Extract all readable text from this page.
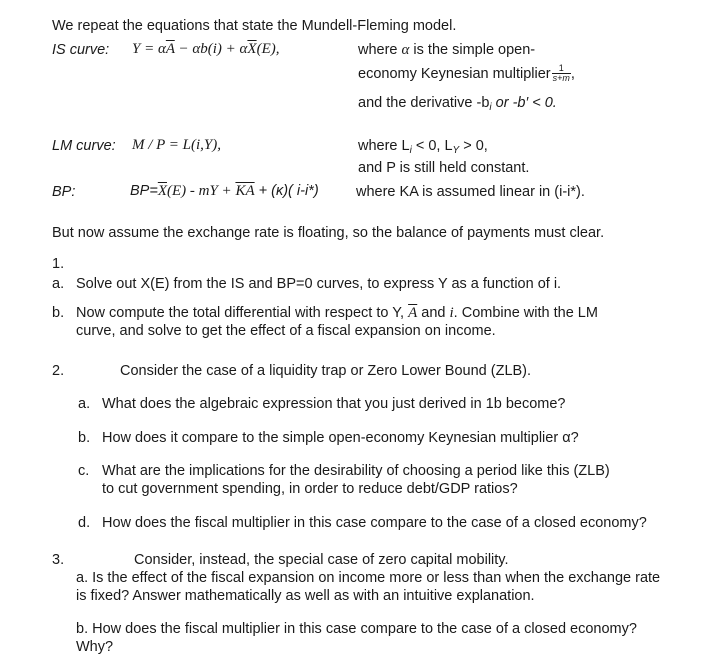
We repeat the equations that state the Mundell-Fleming model.
IS curve: $Y = \alpha\overline{A} - \alpha b(i) + \alpha\overline{X}(E)$,	where α is the simple open-
economy Keynesian multiplier $\frac{1}{s+m}$ ,
and the derivative $-b_i$ or -b′ < 0.
LM curve: M / P = L(i,Y),	where $L_i < 0$, $L_Y > 0$,
and P is still held constant.
BP:	$BP=\overline{X}(E)$ - mY + $\overline{KA} + (\kappa)$( i-i*)	where KA is assumed linear in (i-i*).
But now assume the exchange rate is floating, so the balance of payments must clear.
1.
a. Solve out X(E) from the IS and BP=0 curves, to express Y as a function of i.
b. Now compute the total differential with respect to Y, $\overline{A}$ and i. Combine with the LM
curve, and solve to get the effect of a fiscal expansion on income.
2.	Consider the case of a liquidity trap or Zero Lower Bound (ZLB).
a. What does the algebraic expression that you just derived in 1b become?
b. How does it compare to the simple open-economy Keynesian multiplier α?
c. What are the implications for the desirability of choosing a period like this (ZLB)
to cut government spending, in order to reduce debt/GDP ratios?
d. How does the fiscal multiplier in this case compare to the case of a closed economy?
3.	Consider, instead, the special case of zero capital mobility.
a. Is the effect of the fiscal expansion on income more or less than when the exchange rate
is fixed? Answer mathematically as well as with an intuitive explanation.
b. How does the fiscal multiplier in this case compare to the case of a closed economy?
Why?
